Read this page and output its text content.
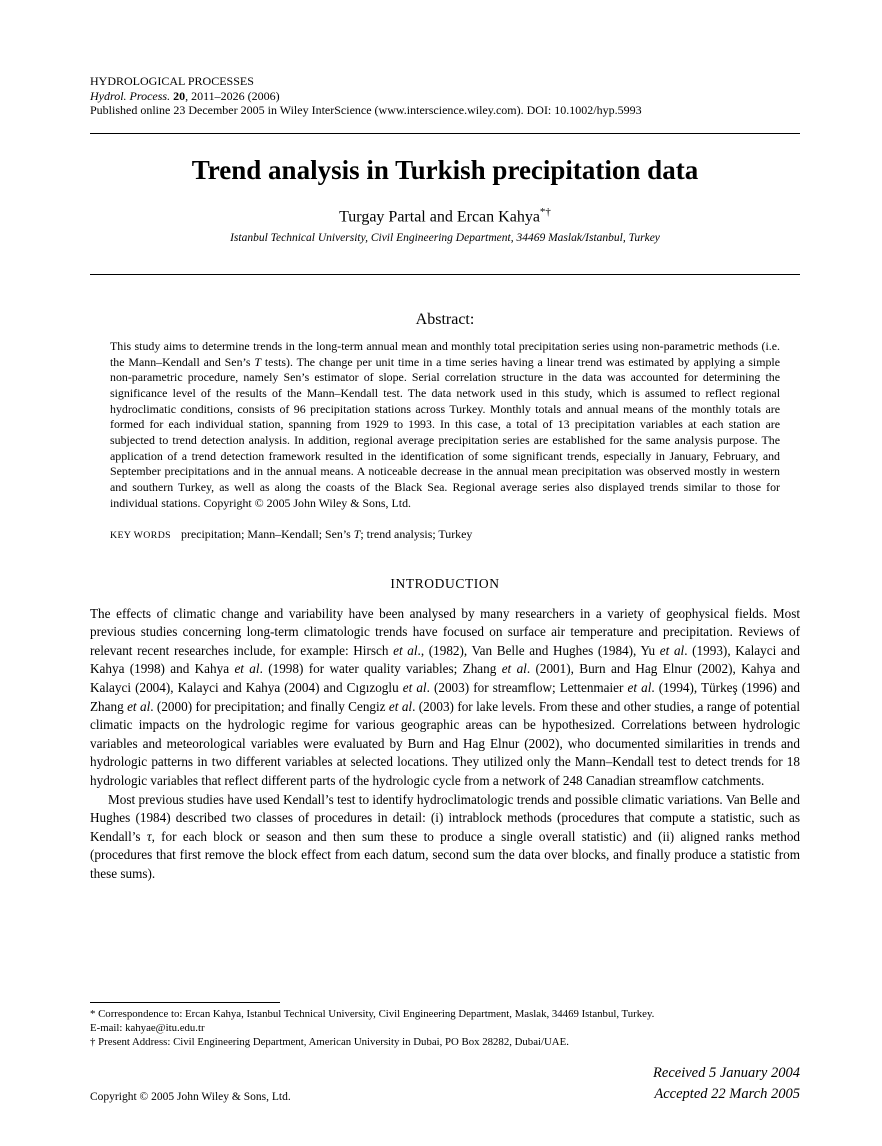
HYDROLOGICAL PROCESSES
Hydrol. Process. 20, 2011–2026 (2006)
Published online 23 December 2005 in Wiley InterScience (www.interscience.wiley.com). DOI: 10.1002/hyp.5993
Trend analysis in Turkish precipitation data
Turgay Partal and Ercan Kahya*†
Istanbul Technical University, Civil Engineering Department, 34469 Maslak/Istanbul, Turkey
Abstract:

This study aims to determine trends in the long-term annual mean and monthly total precipitation series using non-parametric methods (i.e. the Mann–Kendall and Sen’s T tests). The change per unit time in a time series having a linear trend was estimated by applying a simple non-parametric procedure, namely Sen’s estimator of slope. Serial correlation structure in the data was accounted for determining the significance level of the results of the Mann–Kendall test. The data network used in this study, which is assumed to reflect regional hydroclimatic conditions, consists of 96 precipitation stations across Turkey. Monthly totals and annual means of the monthly totals are formed for each individual station, spanning from 1929 to 1993. In this case, a total of 13 precipitation variables at each station are subjected to trend detection analysis. In addition, regional average precipitation series are established for the same analysis purpose. The application of a trend detection framework resulted in the identification of some significant trends, especially in January, February, and September precipitations and in the annual means. A noticeable decrease in the annual mean precipitation was observed mostly in western and southern Turkey, as well as along the coasts of the Black Sea. Regional average series also displayed trends similar to those for individual stations. Copyright © 2005 John Wiley & Sons, Ltd.

KEY WORDS precipitation; Mann–Kendall; Sen’s T; trend analysis; Turkey

INTRODUCTION

The effects of climatic change and variability have been analysed by many researchers in a variety of geophysical fields. Most previous studies concerning long-term climatologic trends have focused on surface air temperature and precipitation. Reviews of relevant recent researches include, for example: Hirsch et al., (1982), Van Belle and Hughes (1984), Yu et al. (1993), Kalayci and Kahya (1998) and Kahya et al. (1998) for water quality variables; Zhang et al. (2001), Burn and Hag Elnur (2002), Kahya and Kalayci (2004), Kalayci and Kahya (2004) and Cıgızoglu et al. (2003) for streamflow; Lettenmaier et al. (1994), Türkeş (1996) and Zhang et al. (2000) for precipitation; and finally Cengiz et al. (2003) for lake levels. From these and other studies, a range of potential climatic impacts on the hydrologic regime for various geographic areas can be hypothesized. Correlations between hydrologic variables and meteorological variables were evaluated by Burn and Hag Elnur (2002), who documented similarities in trends and hydrologic patterns in two different variables at selected locations. They utilized only the Mann–Kendall test to detect trends for 18 hydrologic variables that reflect different parts of the hydrologic cycle from a network of 248 Canadian streamflow catchments.

Most previous studies have used Kendall’s test to identify hydroclimatologic trends and possible climatic variations. Van Belle and Hughes (1984) described two classes of procedures in detail: (i) intrablock methods (procedures that compute a statistic, such as Kendall’s τ, for each block or season and then sum these to produce a single overall statistic) and (ii) aligned ranks method (procedures that first remove the block effect from each datum, second sum the data over blocks, and finally produce a statistic from these sums).

* Correspondence to: Ercan Kahya, Istanbul Technical University, Civil Engineering Department, Maslak, 34469 Istanbul, Turkey.
E-mail: kahyae@itu.edu.tr
† Present Address: Civil Engineering Department, American University in Dubai, PO Box 28282, Dubai/UAE.
Copyright © 2005 John Wiley & Sons, Ltd.
Received 5 January 2004
Accepted 22 March 2005
